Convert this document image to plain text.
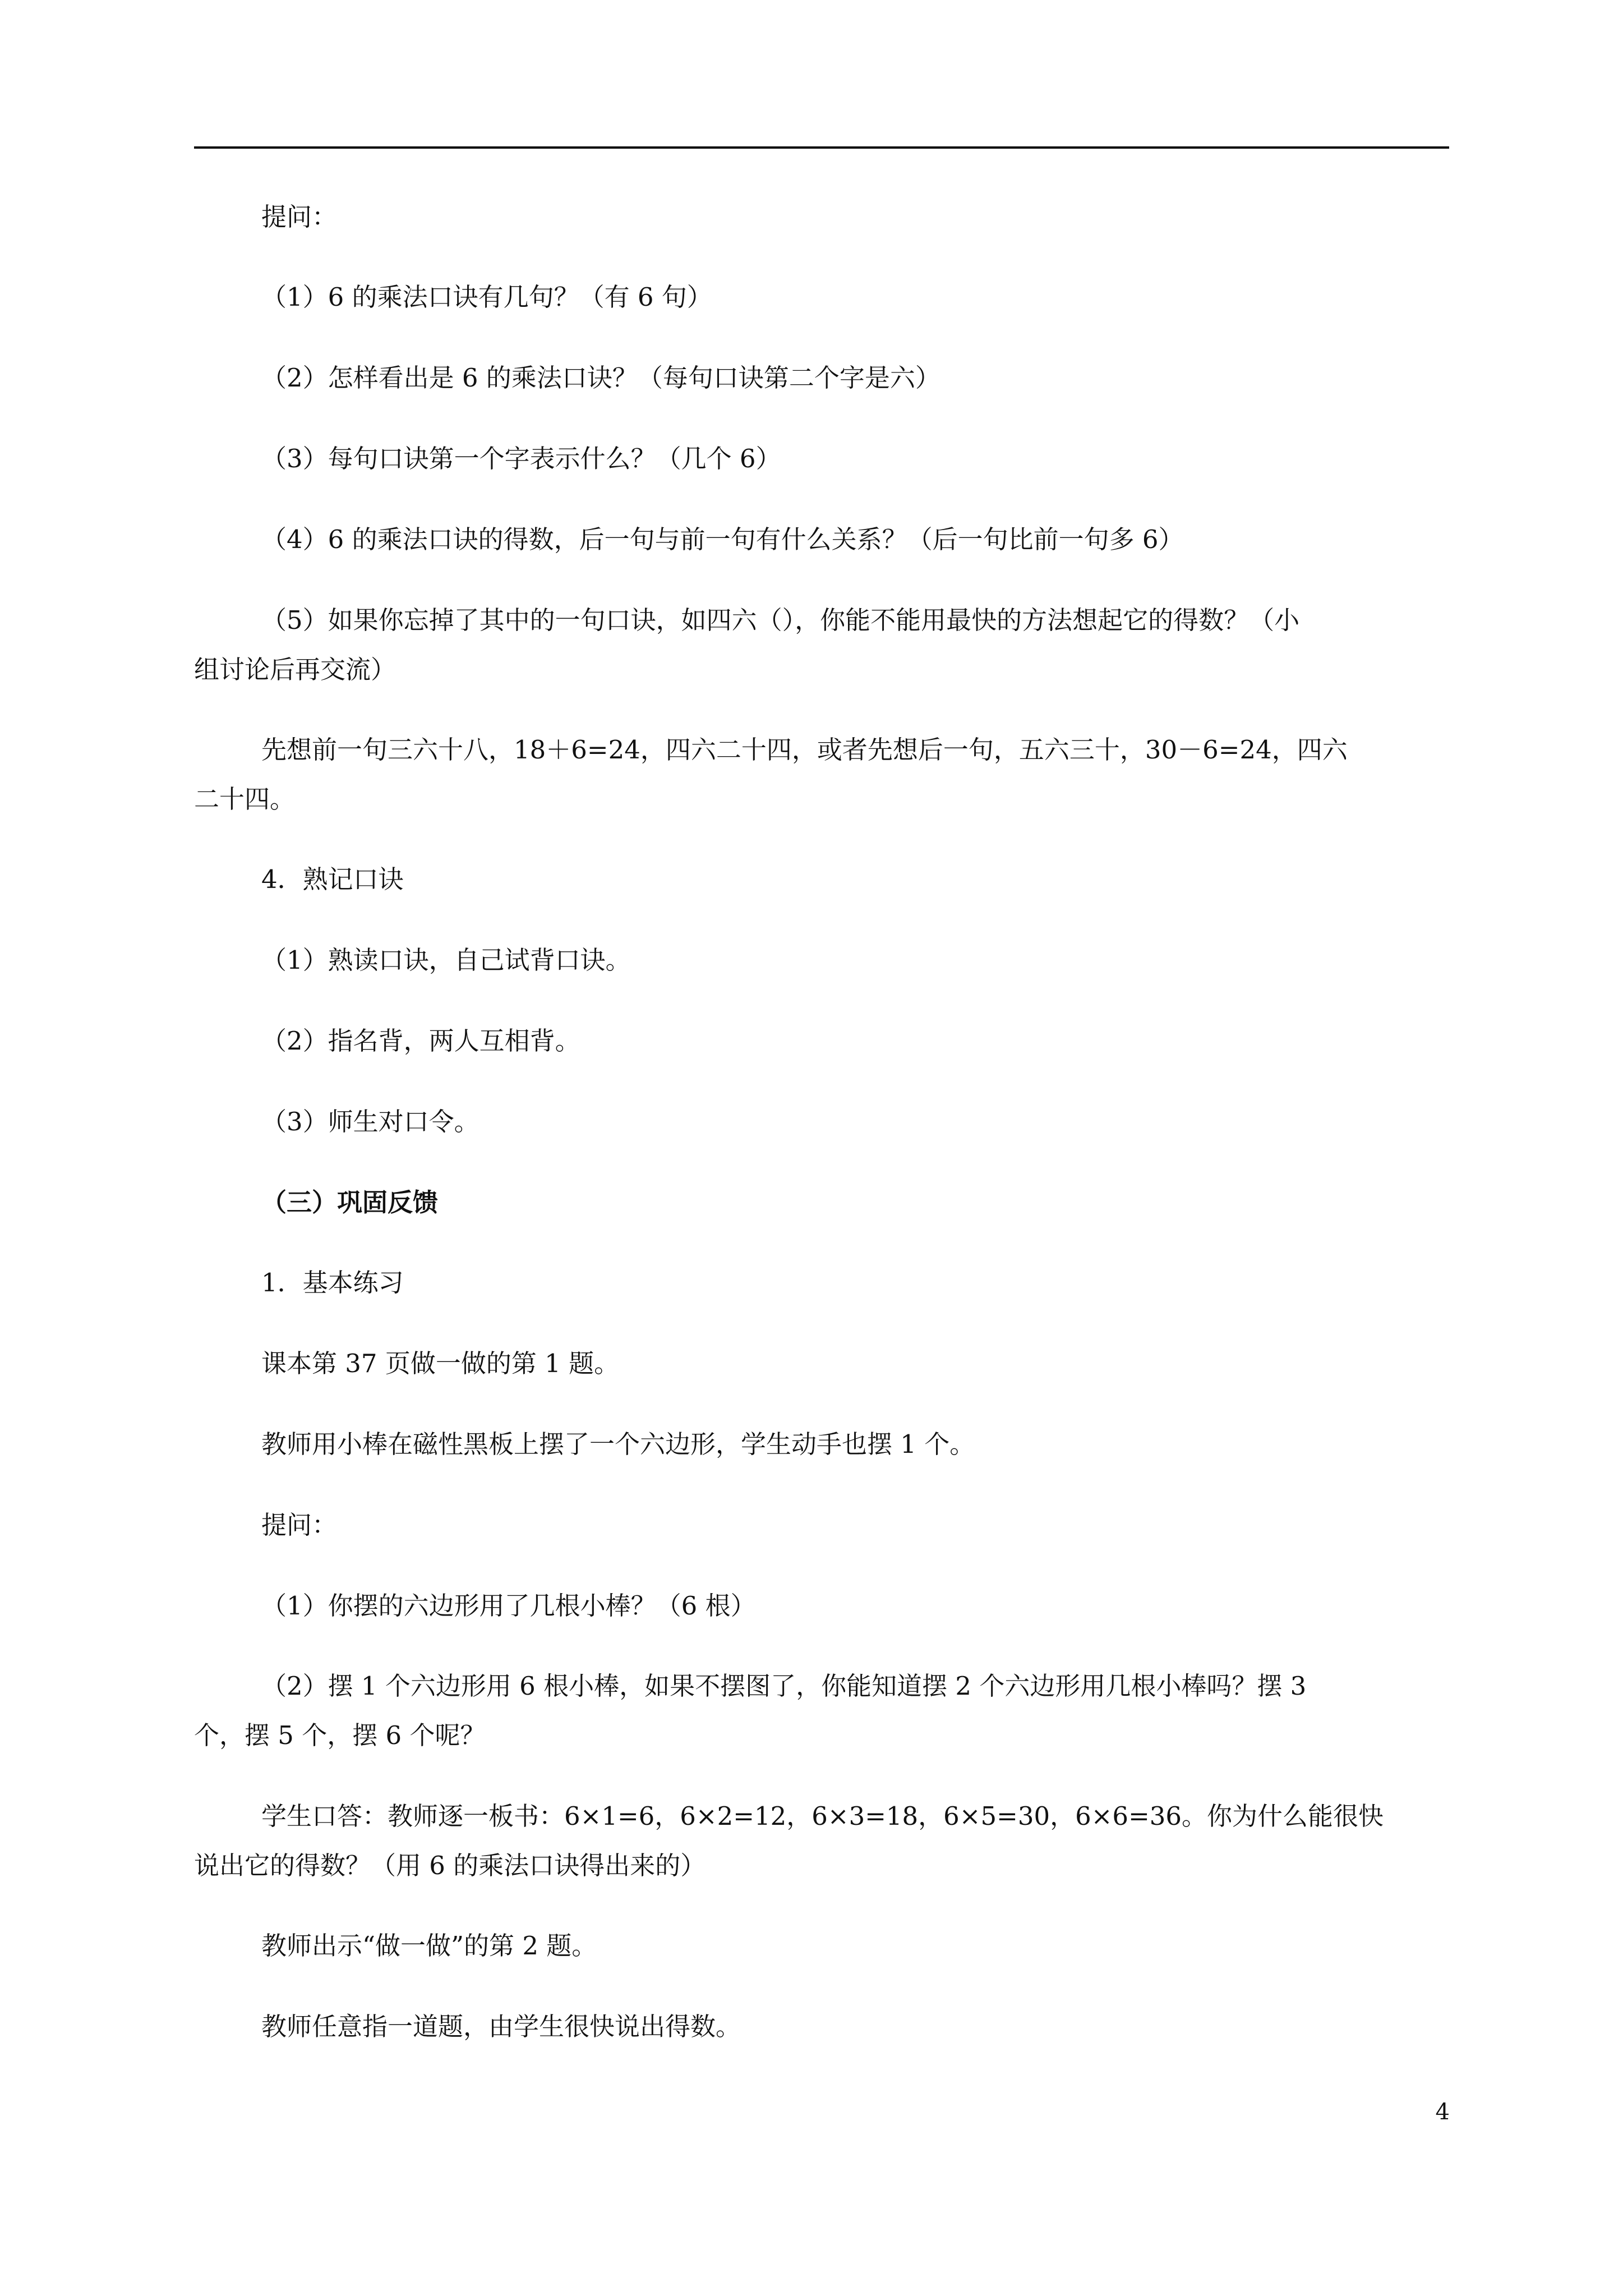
提问：

（1）6 的乘法口诀有几句？（有 6 句）

（2）怎样看出是 6 的乘法口诀？（每句口诀第二个字是六）

（3）每句口诀第一个字表示什么？（几个 6）

（4）6 的乘法口诀的得数，后一句与前一句有什么关系？（后一句比前一句多 6）

（5）如果你忘掉了其中的一句口诀，如四六（），你能不能用最快的方法想起它的得数？（小

组讨论后再交流）

先想前一句三六十八，18＋6=24，四六二十四，或者先想后一句，五六三十，30－6=24，四六

二十四。

4．熟记口诀

（1）熟读口诀，自己试背口诀。

（2）指名背，两人互相背。

（3）师生对口令。

（三）巩固反馈

1．基本练习

课本第 37 页做一做的第 1 题。

教师用小棒在磁性黑板上摆了一个六边形，学生动手也摆 1 个。

提问：

（1）你摆的六边形用了几根小棒？（6 根）

（2）摆 1 个六边形用 6 根小棒，如果不摆图了，你能知道摆 2 个六边形用几根小棒吗？摆 3

个，摆 5 个，摆 6 个呢？

学生口答：教师逐一板书：6×1=6，6×2=12，6×3=18，6×5=30，6×6=36。你为什么能很快

说出它的得数？（用 6 的乘法口诀得出来的）

教师出示“做一做”的第 2 题。

教师任意指一道题，由学生很快说出得数。

4
